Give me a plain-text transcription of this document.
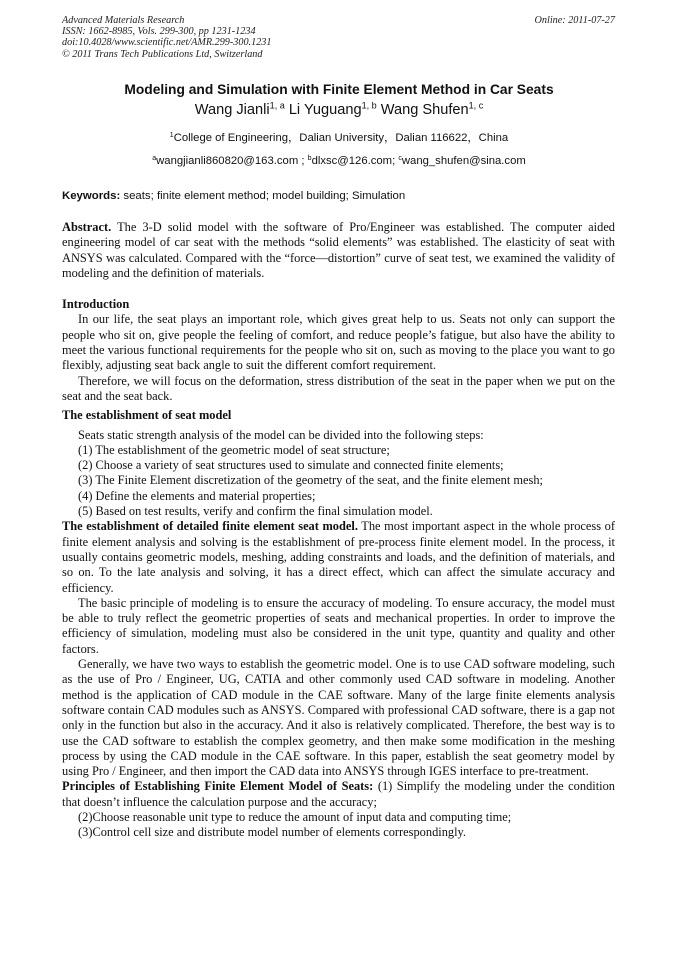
Advanced Materials Research
ISSN: 1662-8985, Vols. 299-300, pp 1231-1234
doi:10.4028/www.scientific.net/AMR.299-300.1231
© 2011 Trans Tech Publications Ltd, Switzerland
Online: 2011-07-27
Modeling and Simulation with Finite Element Method in Car Seats
Wang Jianli$^{1, a}$ Li Yuguang$^{1, b}$ Wang Shufen$^{1, c}$
$^1$College of Engineering，Dalian University，Dalian 116622，China
$^a$wangjianli860820@163.com ; $^b$dlxsc@126.com; $^c$wang_shufen@sina.com
Keywords: seats; finite element method; model building; Simulation

Abstract. The 3-D solid model with the software of Pro/Engineer was established. The computer aided engineering model of car seat with the methods “solid elements” was established. The elasticity of seat with ANSYS was calculated. Compared with the “force—distortion” curve of seat test, we examined the validity of modeling and the definition of materials.

Introduction

In our life, the seat plays an important role, which gives great help to us. Seats not only can support the people who sit on, give people the feeling of comfort, and reduce people’s fatigue, but also have the ability to meet the various functional requirements for the people who sit on, such as moving to the place you want to go flexibly, adjusting seat back angle to suit the different comfort requirement.

Therefore, we will focus on the deformation, stress distribution of the seat in the paper when we put on the seat and the seat back.

The establishment of seat model

Seats static strength analysis of the model can be divided into the following steps:

(1) The establishment of the geometric model of seat structure;

(2) Choose a variety of seat structures used to simulate and connected finite elements;

(3) The Finite Element discretization of the geometry of the seat, and the finite element mesh;

(4) Define the elements and material properties;

(5) Based on test results, verify and confirm the final simulation model.

The establishment of detailed finite element seat model. The most important aspect in the whole process of finite element analysis and solving is the establishment of pre-process finite element model. In the process, it usually contains geometric models, meshing, adding constraints and loads, and the definition of materials, and so on. To the late analysis and solving, it has a direct effect, which can affect the simulate accuracy and efficiency.

The basic principle of modeling is to ensure the accuracy of modeling. To ensure accuracy, the model must be able to truly reflect the geometric properties of seats and mechanical properties. In order to improve the efficiency of simulation, modeling must also be considered in the unit type, quantity and quality and other factors.

Generally, we have two ways to establish the geometric model. One is to use CAD software modeling, such as the use of Pro / Engineer, UG, CATIA and other commonly used CAD software in modeling. Another method is the application of CAD module in the CAE software. Many of the large finite elements analysis software contain CAD modules such as ANSYS. Compared with professional CAD software, there is a gap not only in the function but also in the accuracy. And it also is relatively complicated. Therefore, the best way is to use the CAD software to establish the complex geometry, and then make some modification in the meshing process by using the CAD module in the CAE software. In this paper, establish the seat geometry model by using Pro / Engineer, and then import the CAD data into ANSYS through IGES interface to pre-treatment.

Principles of Establishing Finite Element Model of Seats: (1) Simplify the modeling under the condition that doesn’t influence the calculation purpose and the accuracy;

(2)Choose reasonable unit type to reduce the amount of input data and computing time;

(3)Control cell size and distribute model number of elements correspondingly.
